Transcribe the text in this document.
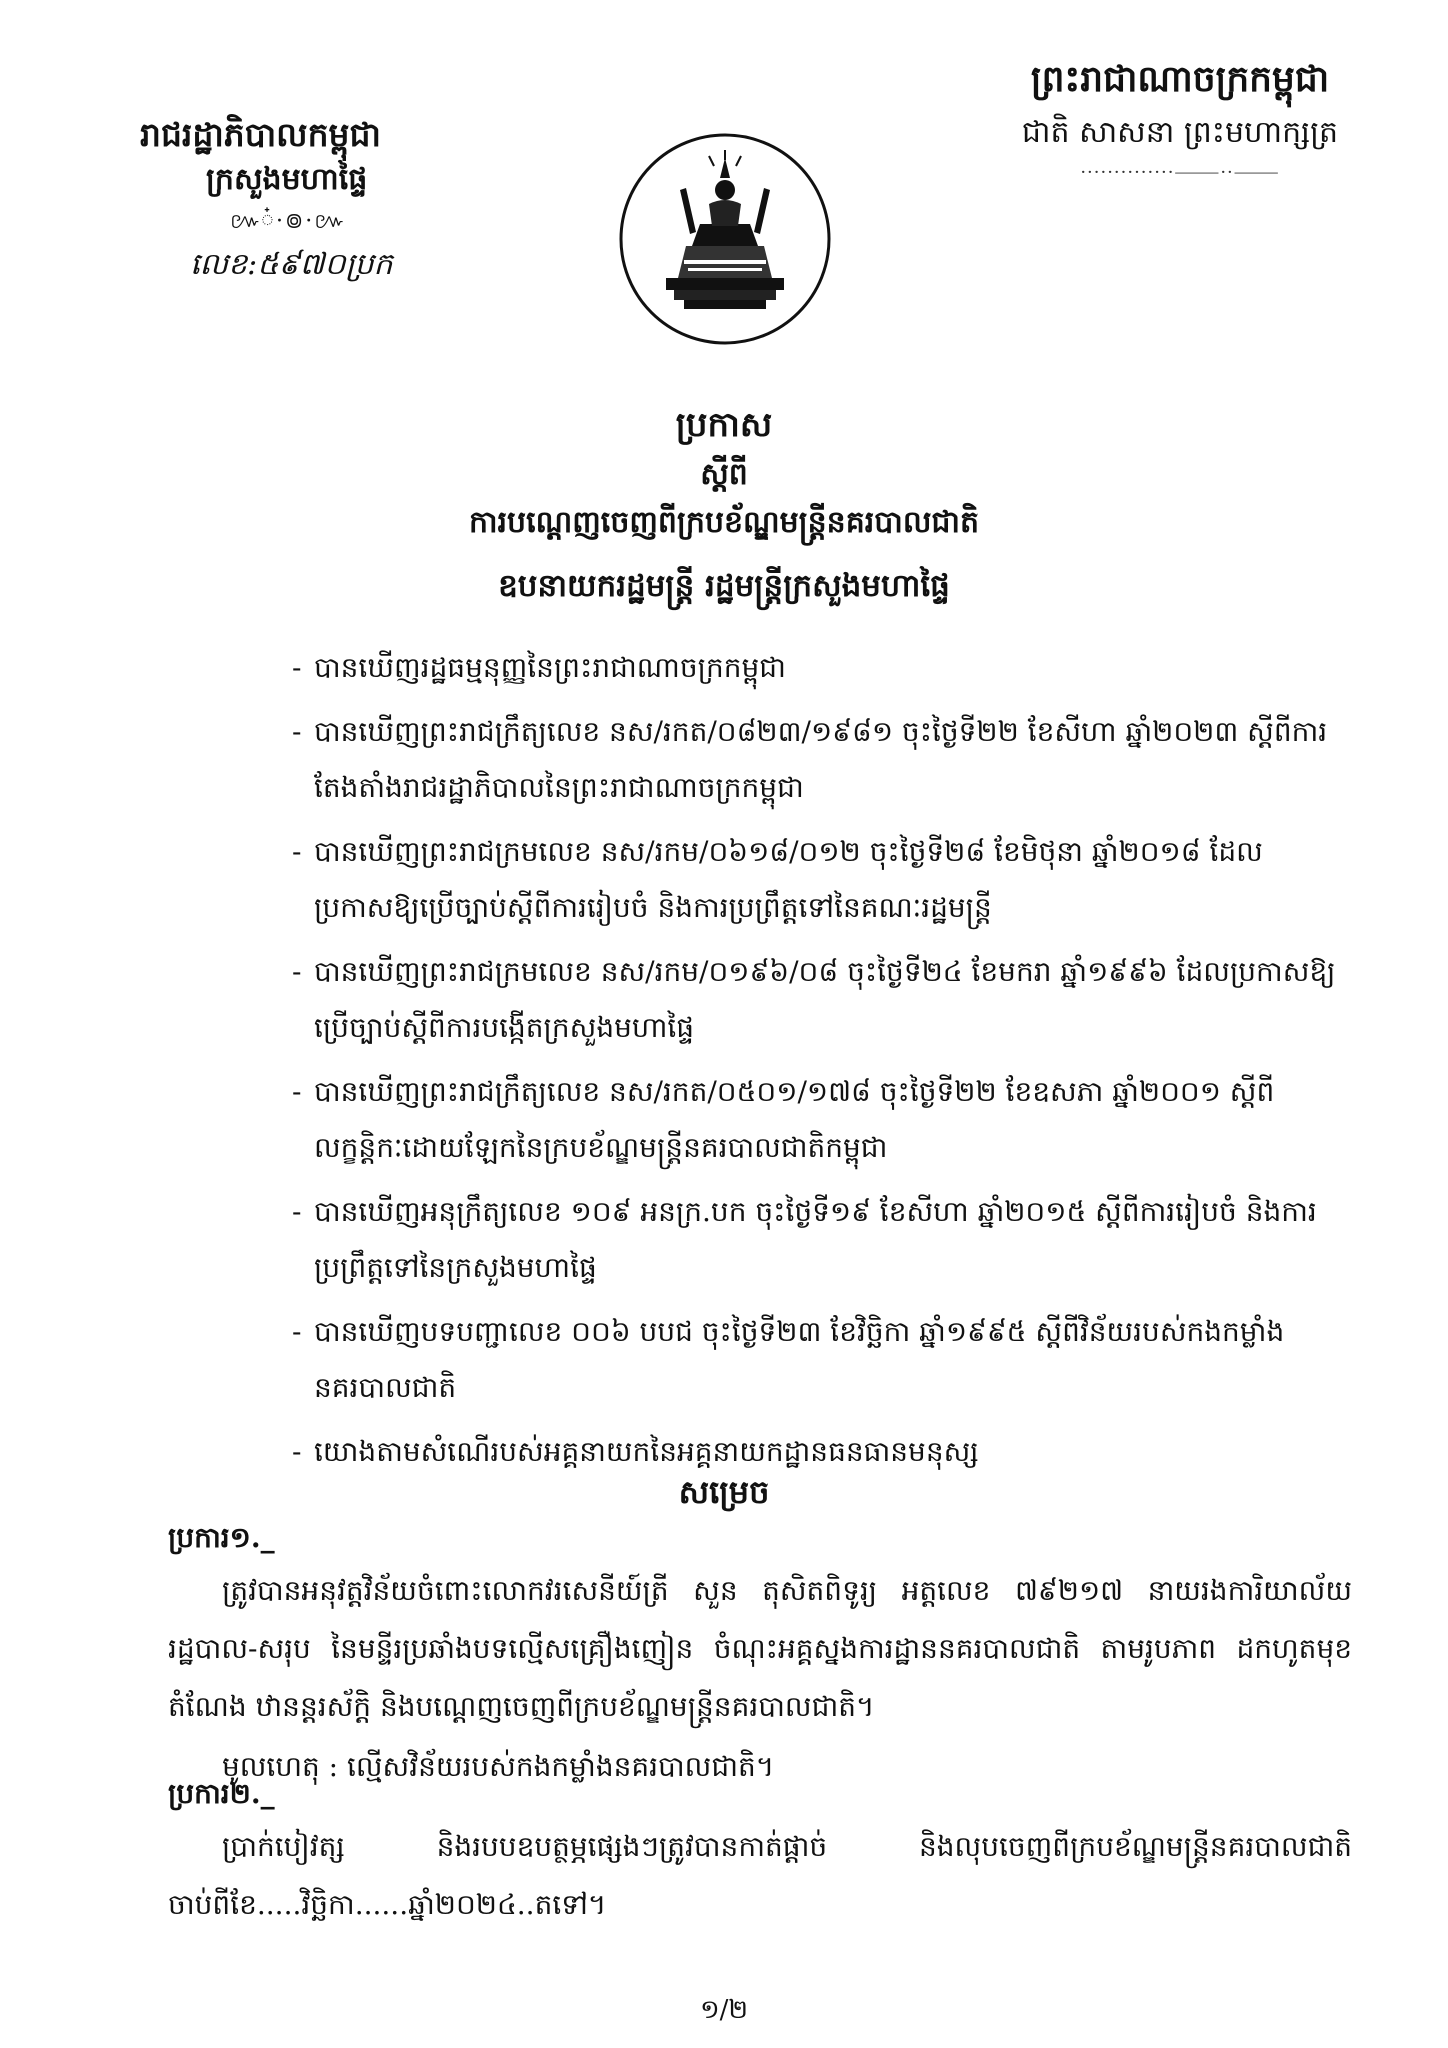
រាជរដ្ឋាភិបាលកម្ពុជា
ក្រសួងមហាផ្ទៃ
៚៎·៙·៚
លេខ:៥៩៧០ប្រក
ព្រះរាជាណាចក្រកម្ពុជា
ជាតិ សាសនា ព្រះមហាក្សត្រ
··············⸻··⸻
ប្រកាស
ស្តីពី
ការបណ្តេញចេញពីក្របខ័ណ្ឌមន្ត្រីនគរបាលជាតិ
ឧបនាយករដ្ឋមន្ត្រី រដ្ឋមន្ត្រីក្រសួងមហាផ្ទៃ
- បានឃើញរដ្ឋធម្មនុញ្ញនៃព្រះរាជាណាចក្រកម្ពុជា
- បានឃើញព្រះរាជក្រឹត្យលេខ នស/រកត/០៨២៣/១៩៨១ ចុះថ្ងៃទី២២ ខែសីហា ឆ្នាំ២០២៣ ស្តីពីការតែងតាំងរាជរដ្ឋាភិបាលនៃព្រះរាជាណាចក្រកម្ពុជា
- បានឃើញព្រះរាជក្រមលេខ នស/រកម/០៦១៨/០១២ ចុះថ្ងៃទី២៨ ខែមិថុនា ឆ្នាំ២០១៨ ដែលប្រកាសឱ្យប្រើច្បាប់ស្តីពីការរៀបចំ និងការប្រព្រឹត្តទៅនៃគណៈរដ្ឋមន្ត្រី
- បានឃើញព្រះរាជក្រមលេខ នស/រកម/០១៩៦/០៨ ចុះថ្ងៃទី២៤ ខែមករា ឆ្នាំ១៩៩៦ ដែលប្រកាសឱ្យប្រើច្បាប់ស្តីពីការបង្កើតក្រសួងមហាផ្ទៃ
- បានឃើញព្រះរាជក្រឹត្យលេខ នស/រកត/០៥០១/១៧៨ ចុះថ្ងៃទី២២ ខែឧសភា ឆ្នាំ២០០១ ស្តីពីលក្ខន្តិកៈដោយឡែកនៃក្របខ័ណ្ឌមន្ត្រីនគរបាលជាតិកម្ពុជា
- បានឃើញអនុក្រឹត្យលេខ ១០៩ អនក្រ.បក ចុះថ្ងៃទី១៩ ខែសីហា ឆ្នាំ២០១៥ ស្តីពីការរៀបចំ និងការប្រព្រឹត្តទៅនៃក្រសួងមហាផ្ទៃ
- បានឃើញបទបញ្ជាលេខ ០០៦ បបជ ចុះថ្ងៃទី២៣ ខែវិច្ឆិកា ឆ្នាំ១៩៩៥ ស្តីពីវិន័យរបស់កងកម្លាំងនគរបាលជាតិ
- យោងតាមសំណើរបស់អគ្គនាយកនៃអគ្គនាយកដ្ឋានធនធានមនុស្ស
សម្រេច
ប្រការ១._
ត្រូវបានអនុវត្តវិន័យចំពោះលោកវរសេនីយ៍ត្រី សួន តុសិតពិទូរ្យ អត្តលេខ ៧៩២១៧ នាយរងការិយាល័យរដ្ឋបាល-សរុប នៃមន្ទីរប្រឆាំងបទល្មើសគ្រឿងញៀន ចំណុះអគ្គស្នងការដ្ឋាននគរបាលជាតិ តាមរូបភាព ដកហូតមុខតំណែង ឋានន្តរស័ក្តិ និងបណ្តេញចេញពីក្របខ័ណ្ឌមន្ត្រីនគរបាលជាតិ។
មូលហេតុ : ល្មើសវិន័យរបស់កងកម្លាំងនគរបាលជាតិ។
ប្រការ២._
ប្រាក់បៀវត្ស និងរបបឧបត្ថម្ភផ្សេងៗត្រូវបានកាត់ផ្តាច់ និងលុបចេញពីក្របខ័ណ្ឌមន្ត្រីនគរបាលជាតិ ចាប់ពីខែ.....វិច្ឆិកា......ឆ្នាំ២០២៤..តទៅ។
១/២
